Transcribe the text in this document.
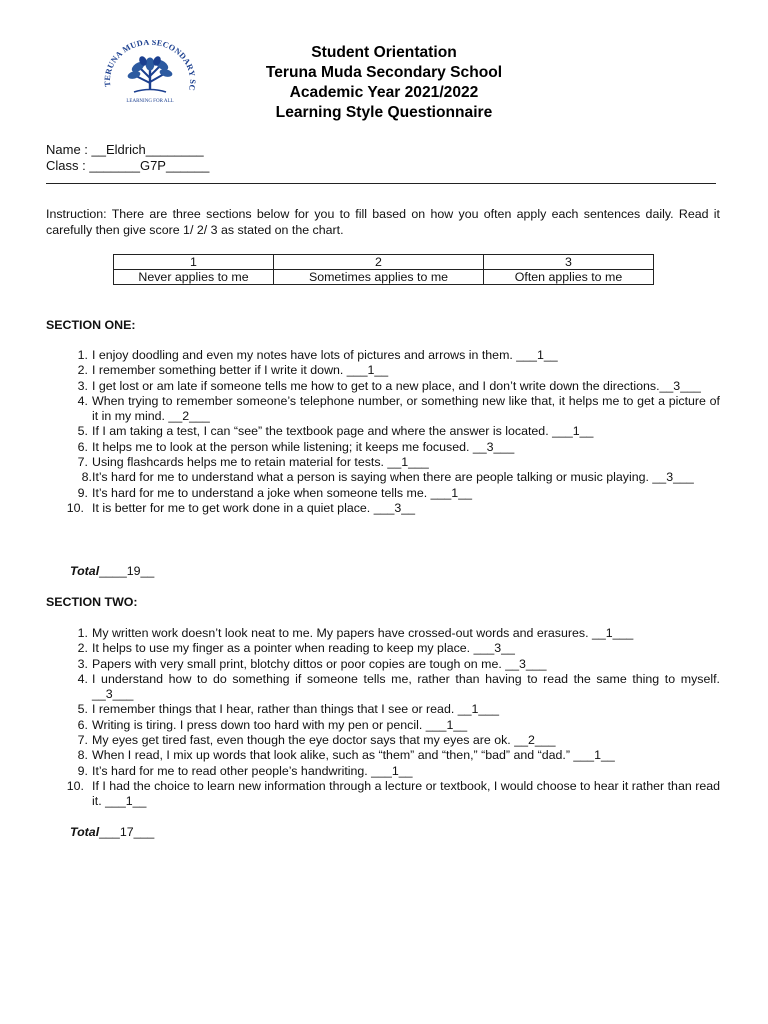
TERUNA MUDA SECONDARY SC
LEARNING FOR ALL
Student Orientation
Teruna Muda Secondary School
Academic Year 2021/2022
Learning Style Questionnaire
Name : __Eldrich________
Class : _______G7P______
Instruction: There are three sections below for you to fill based on how you often apply each sentences daily. Read it carefully then give score 1/ 2/ 3 as stated on the chart.
1	2	3
Never applies to me	Sometimes applies to me	Often applies to me
SECTION ONE:
1. I enjoy doodling and even my notes have lots of pictures and arrows in them. ___1__
2. I remember something better if I write it down. ___1__
3. I get lost or am late if someone tells me how to get to a new place, and I don’t write down the directions.__3___
4. When trying to remember someone’s telephone number, or something new like that, it helps me to get a picture of it in my mind. __2___
5. If I am taking a test, I can “see” the textbook page and where the answer is located. ___1__
6. It helps me to look at the person while listening; it keeps me focused. __3___
7. Using flashcards helps me to retain material for tests. __1___
8. It’s hard for me to understand what a person is saying when there are people talking or music playing. __3___
9. It’s hard for me to understand a joke when someone tells me. ___1__
10. It is better for me to get work done in a quiet place. ___3__
Total____19__
SECTION TWO:
1. My written work doesn’t look neat to me. My papers have crossed-out words and erasures. __1___
2. It helps to use my finger as a pointer when reading to keep my place. ___3__
3. Papers with very small print, blotchy dittos or poor copies are tough on me. __3___
4. I understand how to do something if someone tells me, rather than having to read the same thing to myself. __3___
5. I remember things that I hear, rather than things that I see or read. __1___
6. Writing is tiring. I press down too hard with my pen or pencil. ___1__
7. My eyes get tired fast, even though the eye doctor says that my eyes are ok. __2___
8. When I read, I mix up words that look alike, such as “them” and “then,” “bad” and “dad.” ___1__
9. It’s hard for me to read other people’s handwriting. ___1__
10. If I had the choice to learn new information through a lecture or textbook, I would choose to hear it rather than read it. ___1__
Total___17___
